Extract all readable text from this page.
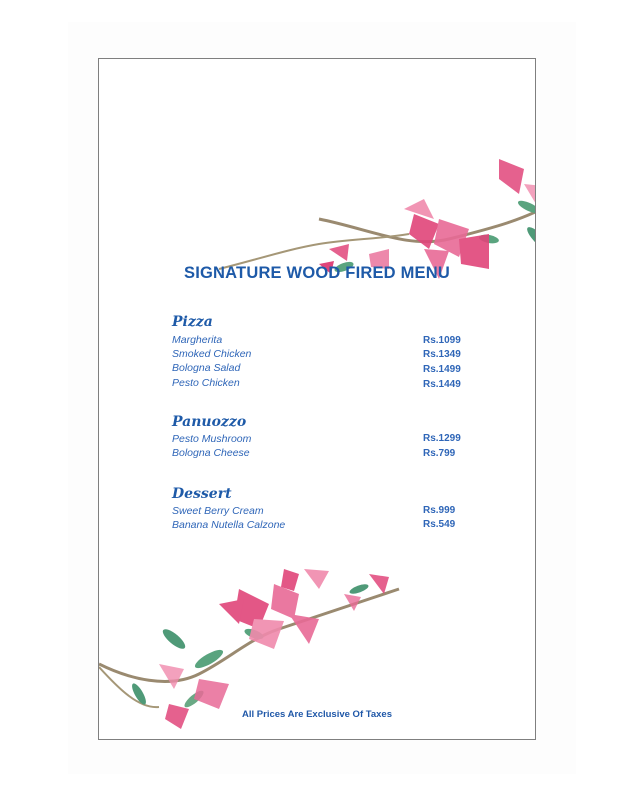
SIGNATURE WOOD FIRED MENU
Pizza
Margherita	Rs.1099
Smoked Chicken	Rs.1349
Bologna Salad	Rs.1499
Pesto Chicken	Rs.1449
Panuozzo
Pesto Mushroom	Rs.1299
Bologna Cheese	Rs.799
Dessert
Sweet Berry Cream	Rs.999
Banana Nutella Calzone	Rs.549
All Prices Are Exclusive Of Taxes
